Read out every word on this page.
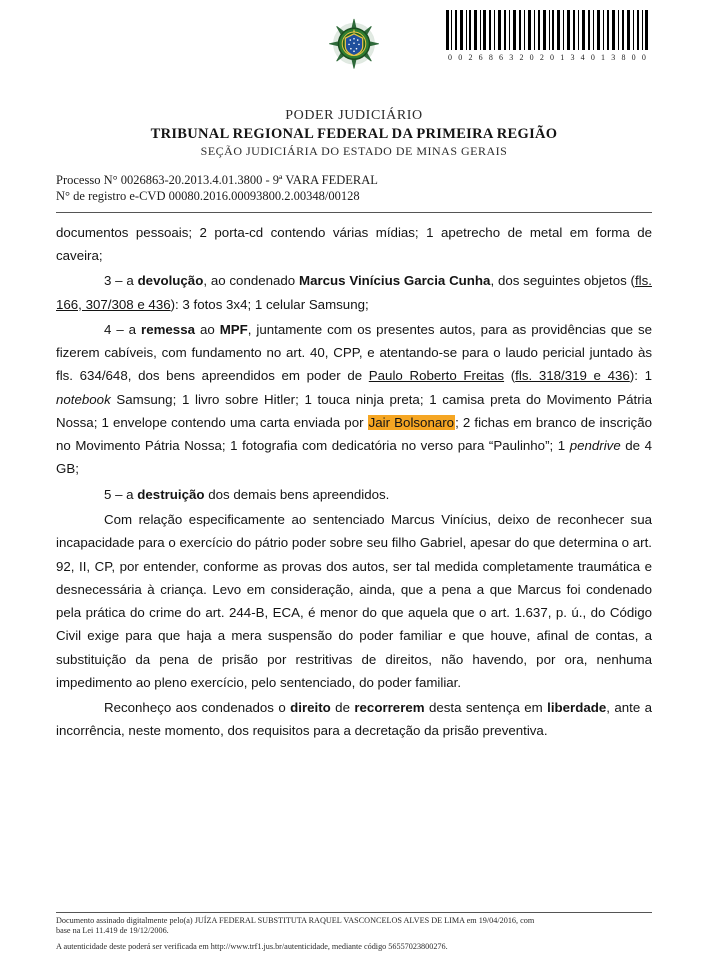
0 0 2 6 8 6 3 2 0 2 0 1 3 4 0 1 3 8 0 0
PODER JUDICIÁRIO
TRIBUNAL REGIONAL FEDERAL DA PRIMEIRA REGIÃO
SEÇÃO JUDICIÁRIA DO ESTADO DE MINAS GERAIS
Processo N° 0026863-20.2013.4.01.3800 - 9ª VARA FEDERAL
N° de registro e-CVD 00080.2016.00093800.2.00348/00128

documentos pessoais; 2 porta-cd contendo várias mídias; 1 apetrecho de metal em forma de caveira;

3 – a devolução, ao condenado Marcus Vinícius Garcia Cunha, dos seguintes objetos (fls. 166, 307/308 e 436): 3 fotos 3x4; 1 celular Samsung;

4 – a remessa ao MPF, juntamente com os presentes autos, para as providências que se fizerem cabíveis, com fundamento no art. 40, CPP, e atentando-se para o laudo pericial juntado às fls. 634/648, dos bens apreendidos em poder de Paulo Roberto Freitas (fls. 318/319 e 436): 1 notebook Samsung; 1 livro sobre Hitler; 1 touca ninja preta; 1 camisa preta do Movimento Pátria Nossa; 1 envelope contendo uma carta enviada por Jair Bolsonaro; 2 fichas em branco de inscrição no Movimento Pátria Nossa; 1 fotografia com dedicatória no verso para “Paulinho”; 1 pendrive de 4 GB;

5 – a destruição dos demais bens apreendidos.

Com relação especificamente ao sentenciado Marcus Vinícius, deixo de reconhecer sua incapacidade para o exercício do pátrio poder sobre seu filho Gabriel, apesar do que determina o art. 92, II, CP, por entender, conforme as provas dos autos, ser tal medida completamente traumática e desnecessária à criança. Levo em consideração, ainda, que a pena a que Marcus foi condenado pela prática do crime do art. 244-B, ECA, é menor do que aquela que o art. 1.637, p. ú., do Código Civil exige para que haja a mera suspensão do poder familiar e que houve, afinal de contas, a substituição da pena de prisão por restritivas de direitos, não havendo, por ora, nenhuma impedimento ao pleno exercício, pelo sentenciado, do poder familiar.

Reconheço aos condenados o direito de recorrerem desta sentença em liberdade, ante a incorrência, neste momento, dos requisitos para a decretação da prisão preventiva.

Documento assinado digitalmente pelo(a) JUÍZA FEDERAL SUBSTITUTA RAQUEL VASCONCELOS ALVES DE LIMA em 19/04/2016, com
base na Lei 11.419 de 19/12/2006.
A autenticidade deste poderá ser verificada em http://www.trf1.jus.br/autenticidade, mediante código 56557023800276.
